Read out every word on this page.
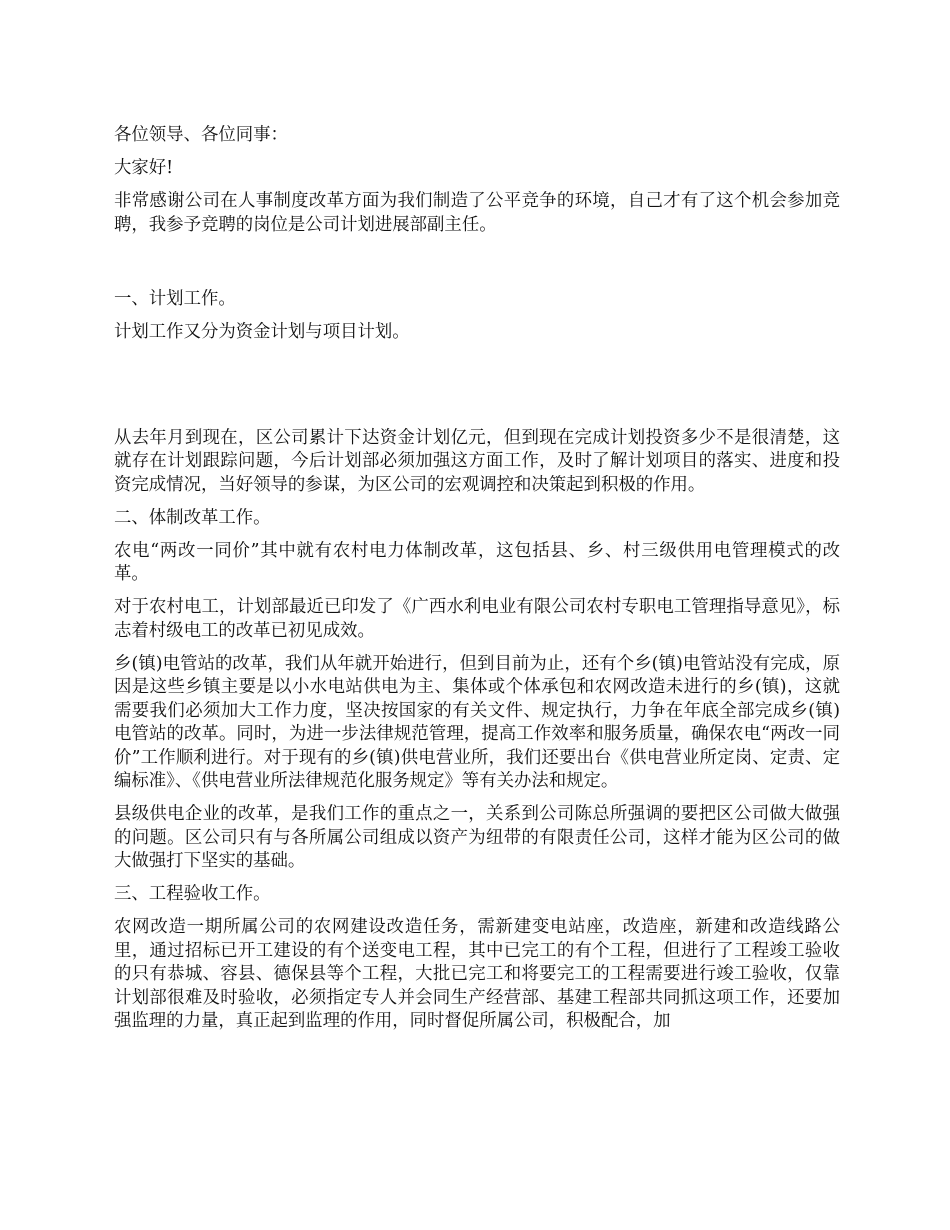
各位领导、各位同事：

大家好!

非常感谢公司在人事制度改革方面为我们制造了公平竞争的环境，自己才有了这个机会参加竞聘，我参予竞聘的岗位是公司计划进展部副主任。

一、计划工作。

计划工作又分为资金计划与项目计划。

从去年月到现在，区公司累计下达资金计划亿元，但到现在完成计划投资多少不是很清楚，这就存在计划跟踪问题，今后计划部必须加强这方面工作，及时了解计划项目的落实、进度和投资完成情况，当好领导的参谋，为区公司的宏观调控和决策起到积极的作用。

二、体制改革工作。

农电“两改一同价”其中就有农村电力体制改革，这包括县、乡、村三级供用电管理模式的改革。

对于农村电工，计划部最近已印发了《广西水利电业有限公司农村专职电工管理指导意见》，标志着村级电工的改革已初见成效。

乡(镇)电管站的改革，我们从年就开始进行，但到目前为止，还有个乡(镇)电管站没有完成，原因是这些乡镇主要是以小水电站供电为主、集体或个体承包和农网改造未进行的乡(镇)，这就需要我们必须加大工作力度，坚决按国家的有关文件、规定执行，力争在年底全部完成乡(镇)电管站的改革。同时，为进一步法律规范管理，提高工作效率和服务质量，确保农电“两改一同价”工作顺利进行。对于现有的乡(镇)供电营业所，我们还要出台《供电营业所定岗、定责、定编标准》、《供电营业所法律规范化服务规定》等有关办法和规定。

县级供电企业的改革，是我们工作的重点之一，关系到公司陈总所强调的要把区公司做大做强的问题。区公司只有与各所属公司组成以资产为纽带的有限责任公司，这样才能为区公司的做大做强打下坚实的基础。

三、工程验收工作。

农网改造一期所属公司的农网建设改造任务，需新建变电站座，改造座，新建和改造线路公里，通过招标已开工建设的有个送变电工程，其中已完工的有个工程，但进行了工程竣工验收的只有恭城、容县、德保县等个工程，大批已完工和将要完工的工程需要进行竣工验收，仅靠计划部很难及时验收，必须指定专人并会同生产经营部、基建工程部共同抓这项工作，还要加强监理的力量，真正起到监理的作用，同时督促所属公司，积极配合，加
